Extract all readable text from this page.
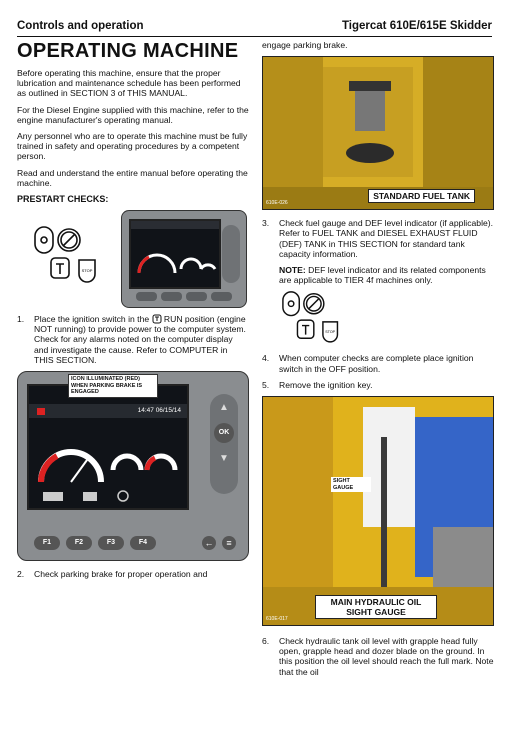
Controls and operation	Tigercat 610E/615E Skidder
OPERATING MACHINE

Before operating this machine, ensure that the proper lubrication and maintenance schedule has been performed as outlined in SECTION 3 of THIS MANUAL.

For the Diesel Engine supplied with this machine, refer to the engine manufacturer's operating manual.

Any personnel who are to operate this machine must be fully trained in safety and operating procedures by a competent person.

Read and understand the entire manual before operating the machine.

PRESTART CHECKS:
STOP
1.	Place the ignition switch in the RUN position (engine NOT running) to provide power to the computer system. Check for any alarms noted on the computer display and investigate the cause. Refer to COMPUTER in THIS SECTION.
14:47 06/15/14
ICON ILLUMINATED (RED) WHEN PARKING BRAKE IS ENGAGED
▲
OK
▼
F1	F2	F3	F4	←	≡
2.	Check parking brake for proper operation and

engage parking brake.

STANDARD FUEL TANK
610E-026
3.	Check fuel gauge and DEF level indicator (if applicable). Refer to FUEL TANK and DIESEL EXHAUST FLUID (DEF) TANK in THIS SECTION for standard tank capacity information.
NOTE: DEF level indicator and its related components are applicable to TIER 4f machines only.
STOP
4.	When computer checks are complete place ignition switch in the OFF position.
5.	Remove the ignition key.
SIGHT GAUGE
MAIN HYDRAULIC OIL
SIGHT GAUGE
610E-017
6.	Check hydraulic tank oil level with grapple head fully open, grapple head and dozer blade on the ground. In this position the oil level should reach the full mark. Note that the oil
